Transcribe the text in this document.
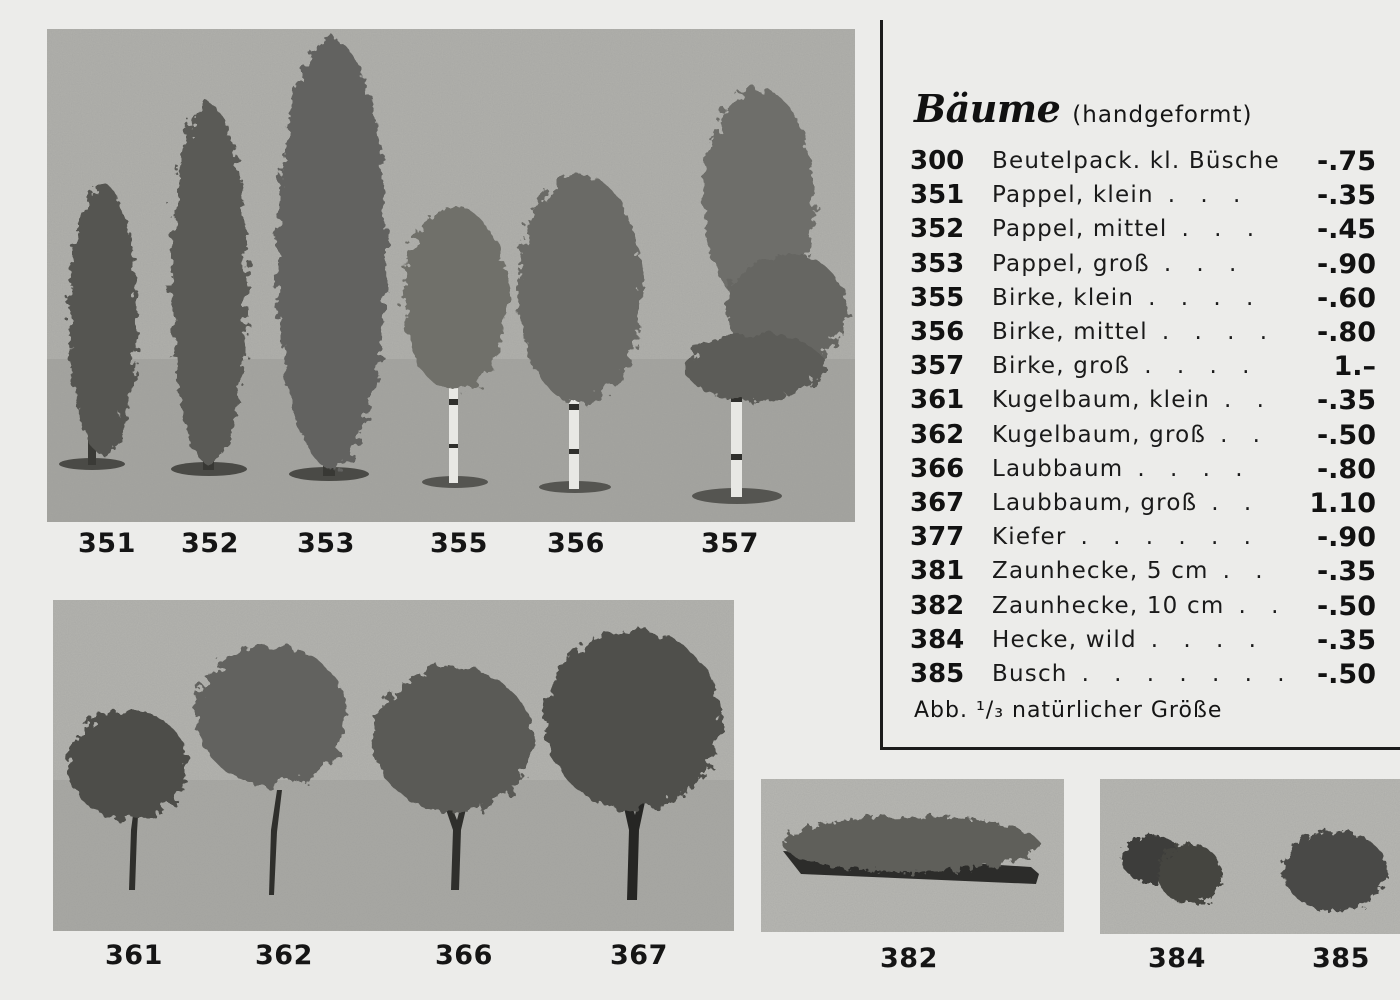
351 352 353	355 356	357
361	362	366	367	382	384	385
Bäume (handgeformt)
300 Beutelpack. kl. Büsche	-.75
351 Pappel, klein . . .	-.35
352 Pappel, mittel . . .	-.45
353 Pappel, groß . . .	-.90
355 Birke, klein . . . .	-.60
356 Birke, mittel . . . .	-.80
357 Birke, groß . . . .	1.–
361 Kugelbaum, klein . .	-.35
362 Kugelbaum, groß . .	-.50
366 Laubbaum . . . .	-.80
367 Laubbaum, groß . . 1.10
377 Kiefer . . . . . .	-.90
381 Zaunhecke, 5 cm . .	-.35
382 Zaunhecke, 10 cm . .	-.50
384 Hecke, wild . . . .	-.35
385 Busch . . . . . . . -.50
Abb. ¹/₃ natürlicher Größe
